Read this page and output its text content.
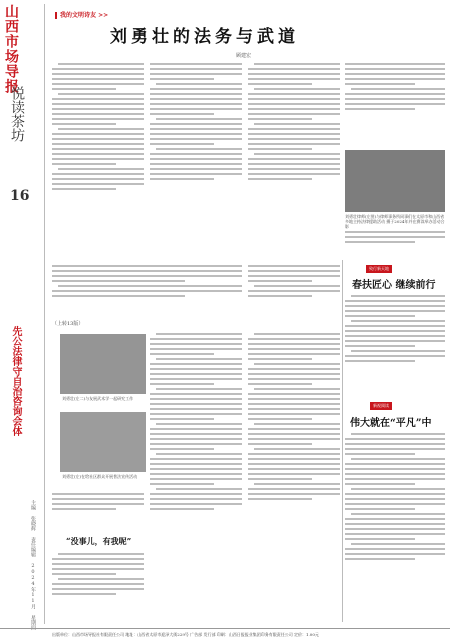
山西市场导报
悦读茶坊
16
先公法律守自治咨询会体
主编 张晓辉 责任编辑 2024年11月 星期四
我的文明诗友 >>
刘勇壮的法务与武道
顾建宏
刘勇壮律师(左图)与律师事务所同事们在太原市和山西省多地主持法律援助活动 摄于2024年并在赛读举办活动合影
（上转13版）
刘勇壮(左二)与友展武术学一起研究工作
刘勇壮(左)在给社区群众开展普法宣传活动
“没事儿，有我呢”
致行新天地
春扶匠心 继续前行
新视阅读
伟大就在“平凡”中
出版单位：山西市场导报社有限责任公司 地址：山西省太原市迎泽大街229号 广告部 发行部 印刷：山西日报报业集团印务有限责任公司 定价：1.00元
